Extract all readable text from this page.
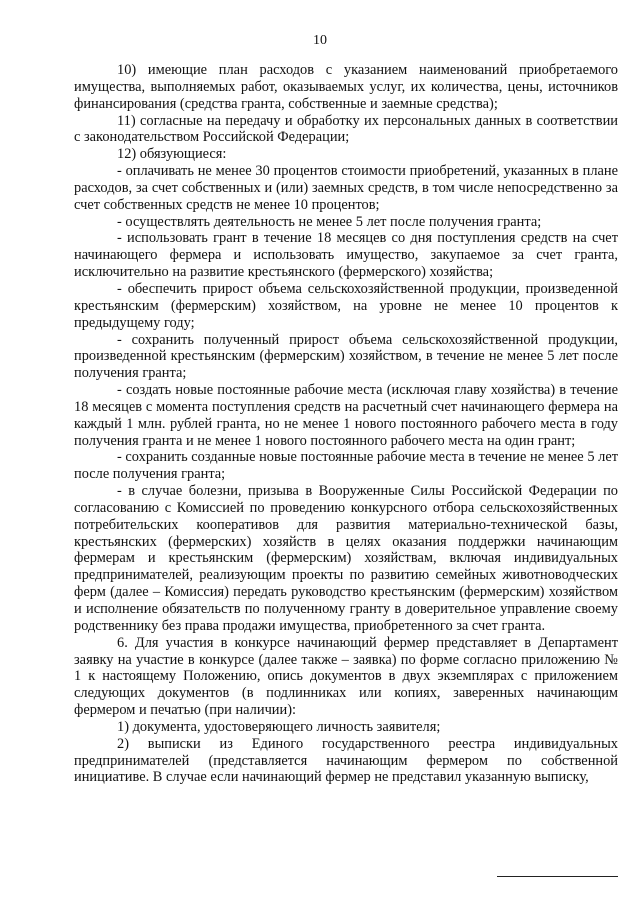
10

10) имеющие план расходов с указанием наименований приобретаемого имущества, выполняемых работ, оказываемых услуг, их количества, цены, источников финансирования (средства гранта, собственные и заемные средства);

11) согласные на передачу и обработку их персональных данных в соответствии с законодательством Российской Федерации;

12) обязующиеся:

- оплачивать не менее 30 процентов стоимости приобретений, указанных в плане расходов, за счет собственных и (или) заемных средств, в том числе непосредственно за счет собственных средств не менее 10 процентов;

- осуществлять деятельность не менее 5 лет после получения гранта;

- использовать грант в течение 18 месяцев со дня поступления средств на счет начинающего фермера и использовать имущество, закупаемое за счет гранта, исключительно на развитие крестьянского (фермерского) хозяйства;

- обеспечить прирост объема сельскохозяйственной продукции, произведенной крестьянским (фермерским) хозяйством, на уровне не менее 10 процентов к предыдущему году;

- сохранить полученный прирост объема сельскохозяйственной продукции, произведенной крестьянским (фермерским) хозяйством, в течение не менее 5 лет после получения гранта;

- создать новые постоянные рабочие места (исключая главу хозяйства) в течение 18 месяцев с момента поступления средств на расчетный счет начинающего фермера на каждый 1 млн. рублей гранта, но не менее 1 нового постоянного рабочего места в году получения гранта и не менее 1 нового постоянного рабочего места на один грант;

- сохранить созданные новые постоянные рабочие места в течение не менее 5 лет после получения гранта;

- в случае болезни, призыва в Вооруженные Силы Российской Федерации по согласованию с Комиссией по проведению конкурсного отбора сельскохозяйственных потребительских кооперативов для развития материально-технической базы, крестьянских (фермерских) хозяйств в целях оказания поддержки начинающим фермерам и крестьянским (фермерским) хозяйствам, включая индивидуальных предпринимателей, реализующим проекты по развитию семейных животноводческих ферм (далее – Комиссия) передать руководство крестьянским (фермерским) хозяйством и исполнение обязательств по полученному гранту в доверительное управление своему родственнику без права продажи имущества, приобретенного за счет гранта.

6. Для участия в конкурсе начинающий фермер представляет в Департамент заявку на участие в конкурсе (далее также – заявка) по форме согласно приложению № 1 к настоящему Положению, опись документов в двух экземплярах с приложением следующих документов (в подлинниках или копиях, заверенных начинающим фермером и печатью (при наличии):

1) документа, удостоверяющего личность заявителя;

2) выписки из Единого государственного реестра индивидуальных предпринимателей (представляется начинающим фермером по собственной инициативе. В случае если начинающий фермер не представил указанную выписку,
